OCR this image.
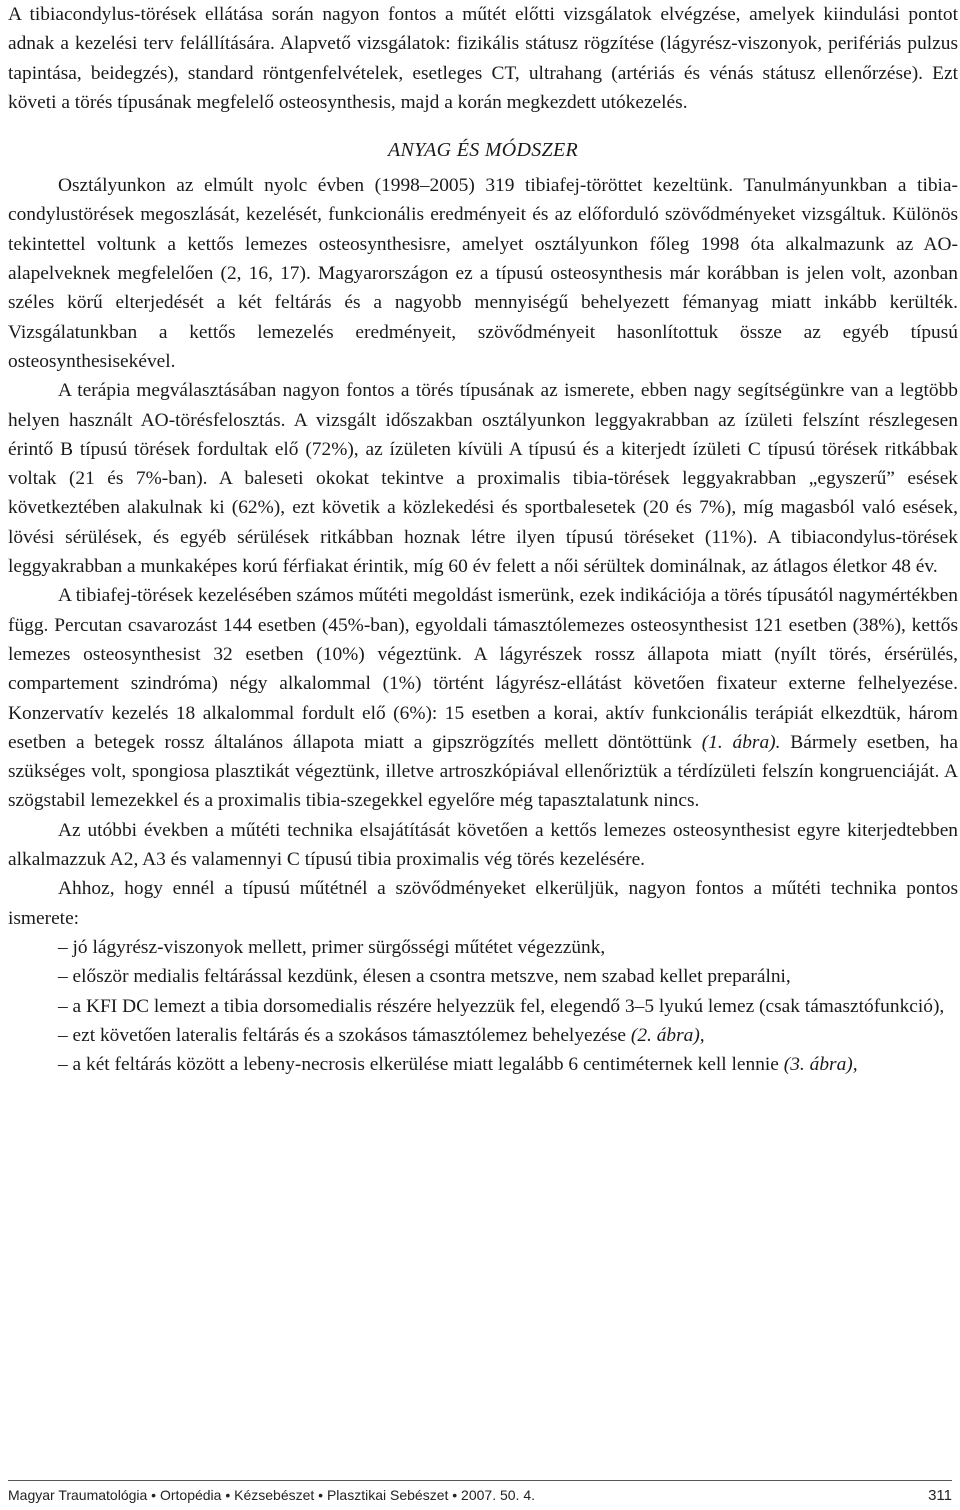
A tibiacondylus-törések ellátása során nagyon fontos a műtét előtti vizsgálatok elvégzése, amelyek kiindulási pontot adnak a kezelési terv felállítására. Alapvető vizsgálatok: fizikális státusz rögzítése (lágyrész-viszonyok, perifériás pulzus tapintása, beidegzés), standard röntgenfelvételek, esetleges CT, ultrahang (artériás és vénás státusz ellenőrzése). Ezt követi a törés típusának megfelelő osteosynthesis, majd a korán megkezdett utókezelés.

ANYAG ÉS MÓDSZER

Osztályunkon az elmúlt nyolc évben (1998–2005) 319 tibiafej-töröttet kezeltünk. Tanulmányunkban a tibia-condylustörések megoszlását, kezelését, funkcionális eredményeit és az előforduló szövődményeket vizsgáltuk. Különös tekintettel voltunk a kettős lemezes osteosynthesisre, amelyet osztályunkon főleg 1998 óta alkalmazunk az AO-alapelveknek megfelelően (2, 16, 17). Magyarországon ez a típusú osteosynthesis már korábban is jelen volt, azonban széles körű elterjedését a két feltárás és a nagyobb mennyiségű behelyezett fémanyag miatt inkább kerülték. Vizsgálatunkban a kettős lemezelés eredményeit, szövődményeit hasonlítottuk össze az egyéb típusú osteosynthesisekével.

A terápia megválasztásában nagyon fontos a törés típusának az ismerete, ebben nagy segítségünkre van a legtöbb helyen használt AO-törésfelosztás. A vizsgált időszakban osztályunkon leggyakrabban az ízületi felszínt részlegesen érintő B típusú törések fordultak elő (72%), az ízületen kívüli A típusú és a kiterjedt ízületi C típusú törések ritkábbak voltak (21 és 7%-ban). A baleseti okokat tekintve a proximalis tibia-törések leggyakrabban „egyszerű” esések következtében alakulnak ki (62%), ezt követik a közlekedési és sportbalesetek (20 és 7%), míg magasból való esések, lövési sérülések, és egyéb sérülések ritkábban hoznak létre ilyen típusú töréseket (11%). A tibiacondylus-törések leggyakrabban a munkaképes korú férfiakat érintik, míg 60 év felett a női sérültek dominálnak, az átlagos életkor 48 év.

A tibiafej-törések kezelésében számos műtéti megoldást ismerünk, ezek indikációja a törés típusától nagymértékben függ. Percutan csavarozást 144 esetben (45%-ban), egyoldali támasztólemezes osteosynthesist 121 esetben (38%), kettős lemezes osteosynthesist 32 esetben (10%) végeztünk. A lágyrészek rossz állapota miatt (nyílt törés, érsérülés, compartement szindróma) négy alkalommal (1%) történt lágyrész-ellátást követően fixateur externe felhelyezése. Konzervatív kezelés 18 alkalommal fordult elő (6%): 15 esetben a korai, aktív funkcionális terápiát elkezdtük, három esetben a betegek rossz általános állapota miatt a gipszrögzítés mellett döntöttünk (1. ábra). Bármely esetben, ha szükséges volt, spongiosa plasztikát végeztünk, illetve artroszkópiával ellenőriztük a térdízületi felszín kongruenciáját. A szögstabil lemezekkel és a proximalis tibia-szegekkel egyelőre még tapasztalatunk nincs.

Az utóbbi években a műtéti technika elsajátítását követően a kettős lemezes osteosynthesist egyre kiterjedtebben alkalmazzuk A2, A3 és valamennyi C típusú tibia proximalis vég törés kezelésére.

Ahhoz, hogy ennél a típusú műtétnél a szövődményeket elkerüljük, nagyon fontos a műtéti technika pontos ismerete:

– jó lágyrész-viszonyok mellett, primer sürgősségi műtétet végezzünk,

– először medialis feltárással kezdünk, élesen a csontra metszve, nem szabad kellet preparálni,

– a KFI DC lemezt a tibia dorsomedialis részére helyezzük fel, elegendő 3–5 lyukú lemez (csak támasztófunkció),

– ezt követően lateralis feltárás és a szokásos támasztólemez behelyezése (2. ábra),

– a két feltárás között a lebeny-necrosis elkerülése miatt legalább 6 centiméternek kell lennie (3. ábra),

Magyar Traumatológia • Ortopédia • Kézsebészet • Plasztikai Sebészet • 2007. 50. 4.	311
